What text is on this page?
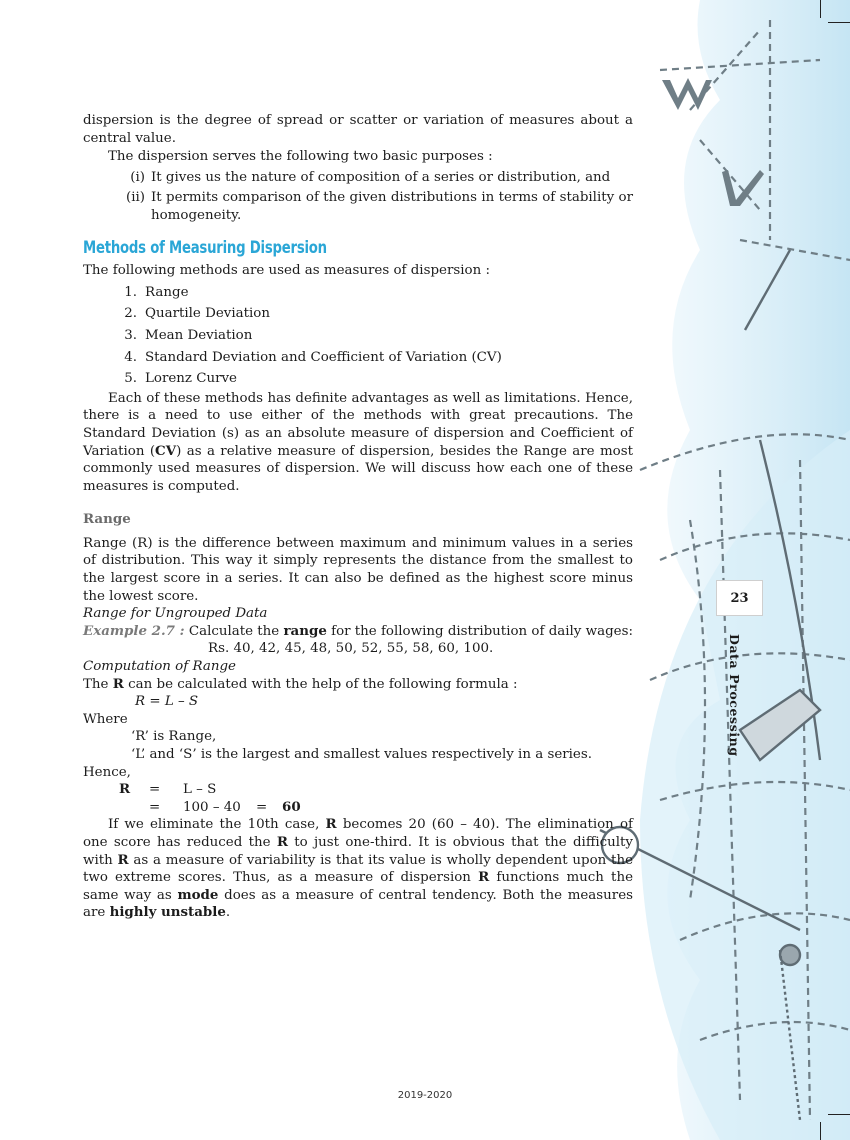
dispersion is the degree of spread or scatter or variation of measures about a central value.

The dispersion serves the following two basic purposes :

(i) It gives us the nature of composition of a series or distribution, and
(ii) It permits comparison of the given distributions in terms of stability or homogeneity.
Methods of Measuring Dispersion

The following methods are used as measures of dispersion :

1. Range
2. Quartile Deviation
3. Mean Deviation
4. Standard Deviation and Coefficient of Variation (CV)
5. Lorenz Curve

Each of these methods has definite advantages as well as limitations. Hence, there is a need to use either of the methods with great precautions. The Standard Deviation (s) as an absolute measure of dispersion and Coefficient of Variation (CV) as a relative measure of dispersion, besides the Range are most commonly used measures of dispersion. We will discuss how each one of these measures is computed.

Range

Range (R) is the difference between maximum and minimum values in a series of distribution. This way it simply represents the distance from the smallest to the largest score in a series. It can also be defined as the highest score minus the lowest score.

Range for Ungrouped Data

Example 2.7 : Calculate the range for the following distribution of daily wages:

Rs. 40, 42, 45, 48, 50, 52, 55, 58, 60, 100.

Computation of Range

The R can be calculated with the help of the following formula :

R = L – S

Where

‘R’ is Range,

‘L’ and ‘S’ is the largest and smallest values respectively in a series.

Hence,

R	=	L – S
=	100 – 40	=	60

If we eliminate the 10th case, R becomes 20 (60 – 40). The elimination of one score has reduced the R to just one-third. It is obvious that the difficulty with R as a measure of variability is that its value is wholly dependent upon the two extreme scores. Thus, as a measure of dispersion R functions much the same way as mode does as a measure of central tendency. Both the measures are highly unstable.

23
Data Processing
2019-2020
